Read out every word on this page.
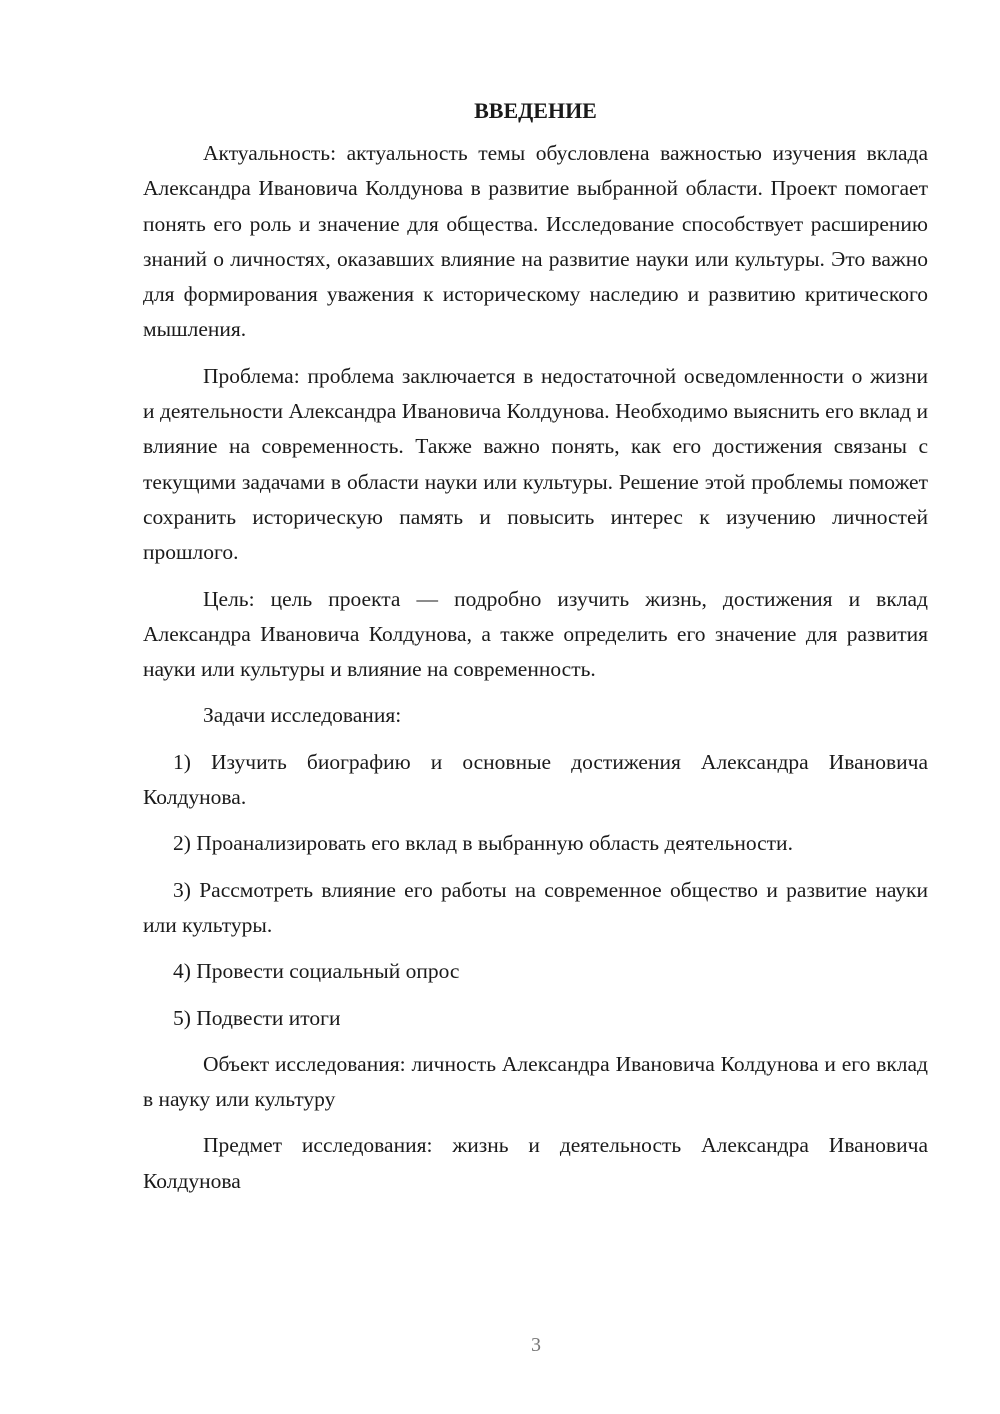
ВВЕДЕНИЕ

Актуальность: актуальность темы обусловлена важностью изучения вклада Александра Ивановича Колдунова в развитие выбранной области. Проект помогает понять его роль и значение для общества. Исследование способствует расширению знаний о личностях, оказавших влияние на развитие науки или культуры. Это важно для формирования уважения к историческому наследию и развитию критического мышления.

Проблема: проблема заключается в недостаточной осведомленности о жизни и деятельности Александра Ивановича Колдунова. Необходимо выяснить его вклад и влияние на современность. Также важно понять, как его достижения связаны с текущими задачами в области науки или культуры. Решение этой проблемы поможет сохранить историческую память и повысить интерес к изучению личностей прошлого.

Цель: цель проекта — подробно изучить жизнь, достижения и вклад Александра Ивановича Колдунова, а также определить его значение для развития науки или культуры и влияние на современность.

Задачи исследования:

1) Изучить биографию и основные достижения Александра Ивановича Колдунова.

2) Проанализировать его вклад в выбранную область деятельности.

3) Рассмотреть влияние его работы на современное общество и развитие науки или культуры.

4) Провести социальный опрос

5) Подвести итоги

Объект исследования: личность Александра Ивановича Колдунова и его вклад в науку или культуру

Предмет исследования: жизнь и деятельность Александра Ивановича Колдунова

3
